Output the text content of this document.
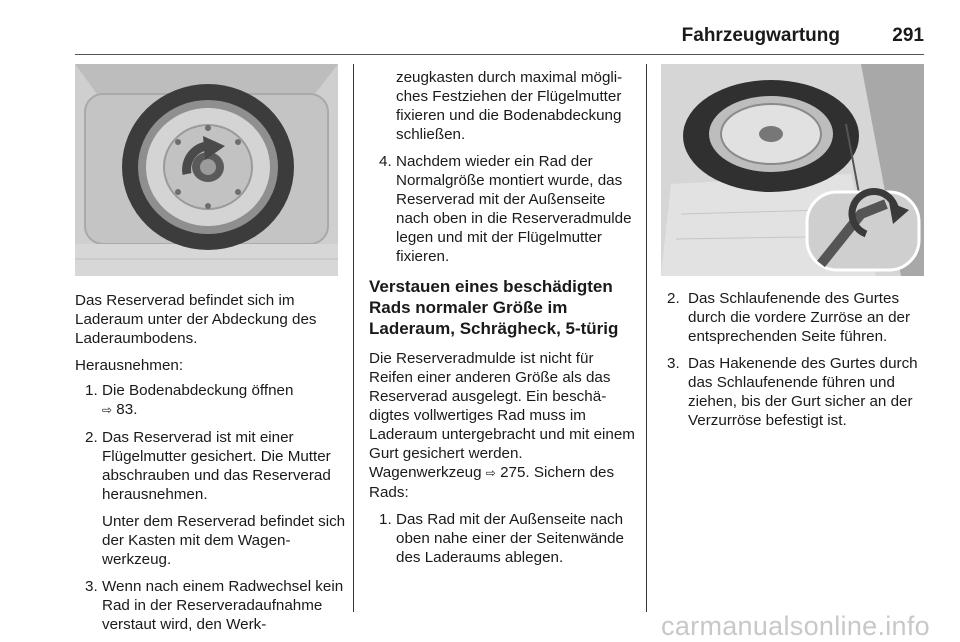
Fahrzeugwartung	291

Das Reserverad befindet sich im Laderaum unter der Abdeckung des Laderaumbodens.

Herausnehmen:

1. Die Bodenabdeckung öffnen
⇨ 83.
2. Das Reserverad ist mit einer Flügelmutter gesichert. Die Mutter abschrauben und das Reserverad herausnehmen.
Unter dem Reserverad befindet sich der Kasten mit dem Wagenwerkzeug.
3. Wenn nach einem Radwechsel kein Rad in der Reserveradaufnahme verstaut wird, den Werk-
zeugkasten durch maximal mögliches Festziehen der Flügelmutter fixieren und die Bodenabdeckung schließen.
4. Nachdem wieder ein Rad der Normalgröße montiert wurde, das Reserverad mit der Außenseite nach oben in die Reserveradmulde legen und mit der Flügelmutter fixieren.
Verstauen eines beschädigten Rads normaler Größe im Laderaum, Schrägheck, 5-türig

Die Reserveradmulde ist nicht für Reifen einer anderen Größe als das Reserverad ausgelegt. Ein beschädigtes vollwertiges Rad muss im Laderaum untergebracht und mit einem Gurt gesichert werden.

Wagenwerkzeug ⇨ 275. Sichern des Rads:

1. Das Rad mit der Außenseite nach oben nahe einer der Seitenwände des Laderaums ablegen.
2. Das Schlaufenende des Gurtes durch die vordere Zurröse an der entsprechenden Seite führen.
3. Das Hakenende des Gurtes durch das Schlaufenende führen und ziehen, bis der Gurt sicher an der Verzurröse befestigt ist.
carmanualsonline.info
